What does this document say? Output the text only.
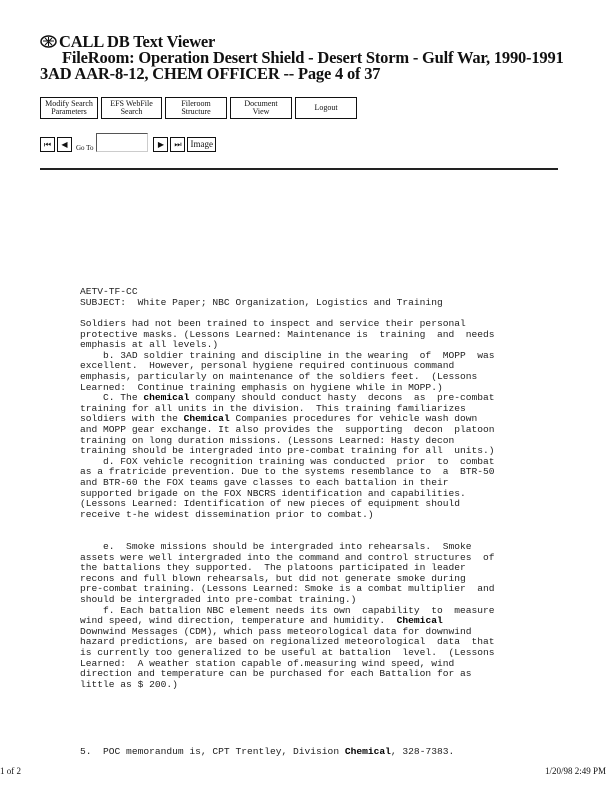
CALL DB Text Viewer
FileRoom: Operation Desert Shield - Desert Storm - Gulf War, 1990-1991
3AD AAR-8-12, CHEM OFFICER -- Page 4 of 37
Modify Search
Parameters
EFS WebFile
Search
Fileroom
Structure
Document
View	Logout
⏮ ◀ Go To	▶ ⏭ Image
AETV-TF-CC
SUBJECT:  White Paper; NBC Organization, Logistics and Training
Soldiers had not been trained to inspect and service their personal
protective masks. (Lessons Learned: Maintenance is  training  and  needs
emphasis at all levels.)
b. 3AD soldier training and discipline in the wearing  of  MOPP  was
excellent.  However, personal hygiene required continuous command
emphasis, particularly on maintenance of the soldiers feet.  (Lessons
Learned:  Continue training emphasis on hygiene while in MOPP.)
C. The chemical company should conduct hasty  decons  as  pre-combat
training for all units in the division.  This training familiarizes
soldiers with the Chemical Companies procedures for vehicle wash down
and MOPP gear exchange. It also provides the  supporting  decon  platoon
training on long duration missions. (Lessons Learned: Hasty decon
training should be intergraded into pre-combat training for all  units.)
d. FOX vehicle recognition training was conducted  prior  to  combat
as a fratricide prevention. Due to the systems resemblance to  a  BTR-50
and BTR-60 the FOX teams gave classes to each battalion in their
supported brigade on the FOX NBCRS identification and capabilities.
(Lessons Learned: Identification of new pieces of equipment should
receive t-he widest dissemination prior to combat.)
e.  Smoke missions should be intergraded into rehearsals.  Smoke
assets were well intergraded into the command and control structures  of
the battalions they supported.  The platoons participated in leader
recons and full blown rehearsals, but did not generate smoke during
pre-combat training. (Lessons Learned: Smoke is a combat multiplier  and
should be intergraded into pre-combat training.)
f. Each battalion NBC element needs its own  capability  to  measure
wind speed, wind direction, temperature and humidity.  Chemical
Downwind Messages (CDM), which pass meteorological data for downwind
hazard predictions, are based on regionalized meteorological  data  that
is currently too generalized to be useful at battalion  level.  (Lessons
Learned:  A weather station capable of.measuring wind speed, wind
direction and temperature can be purchased for each Battalion for as
little as $ 200.)
5.  POC memorandum is, CPT Trentley, Division Chemical, 328-7383.
1 of 2	1/20/98 2:49 PM
